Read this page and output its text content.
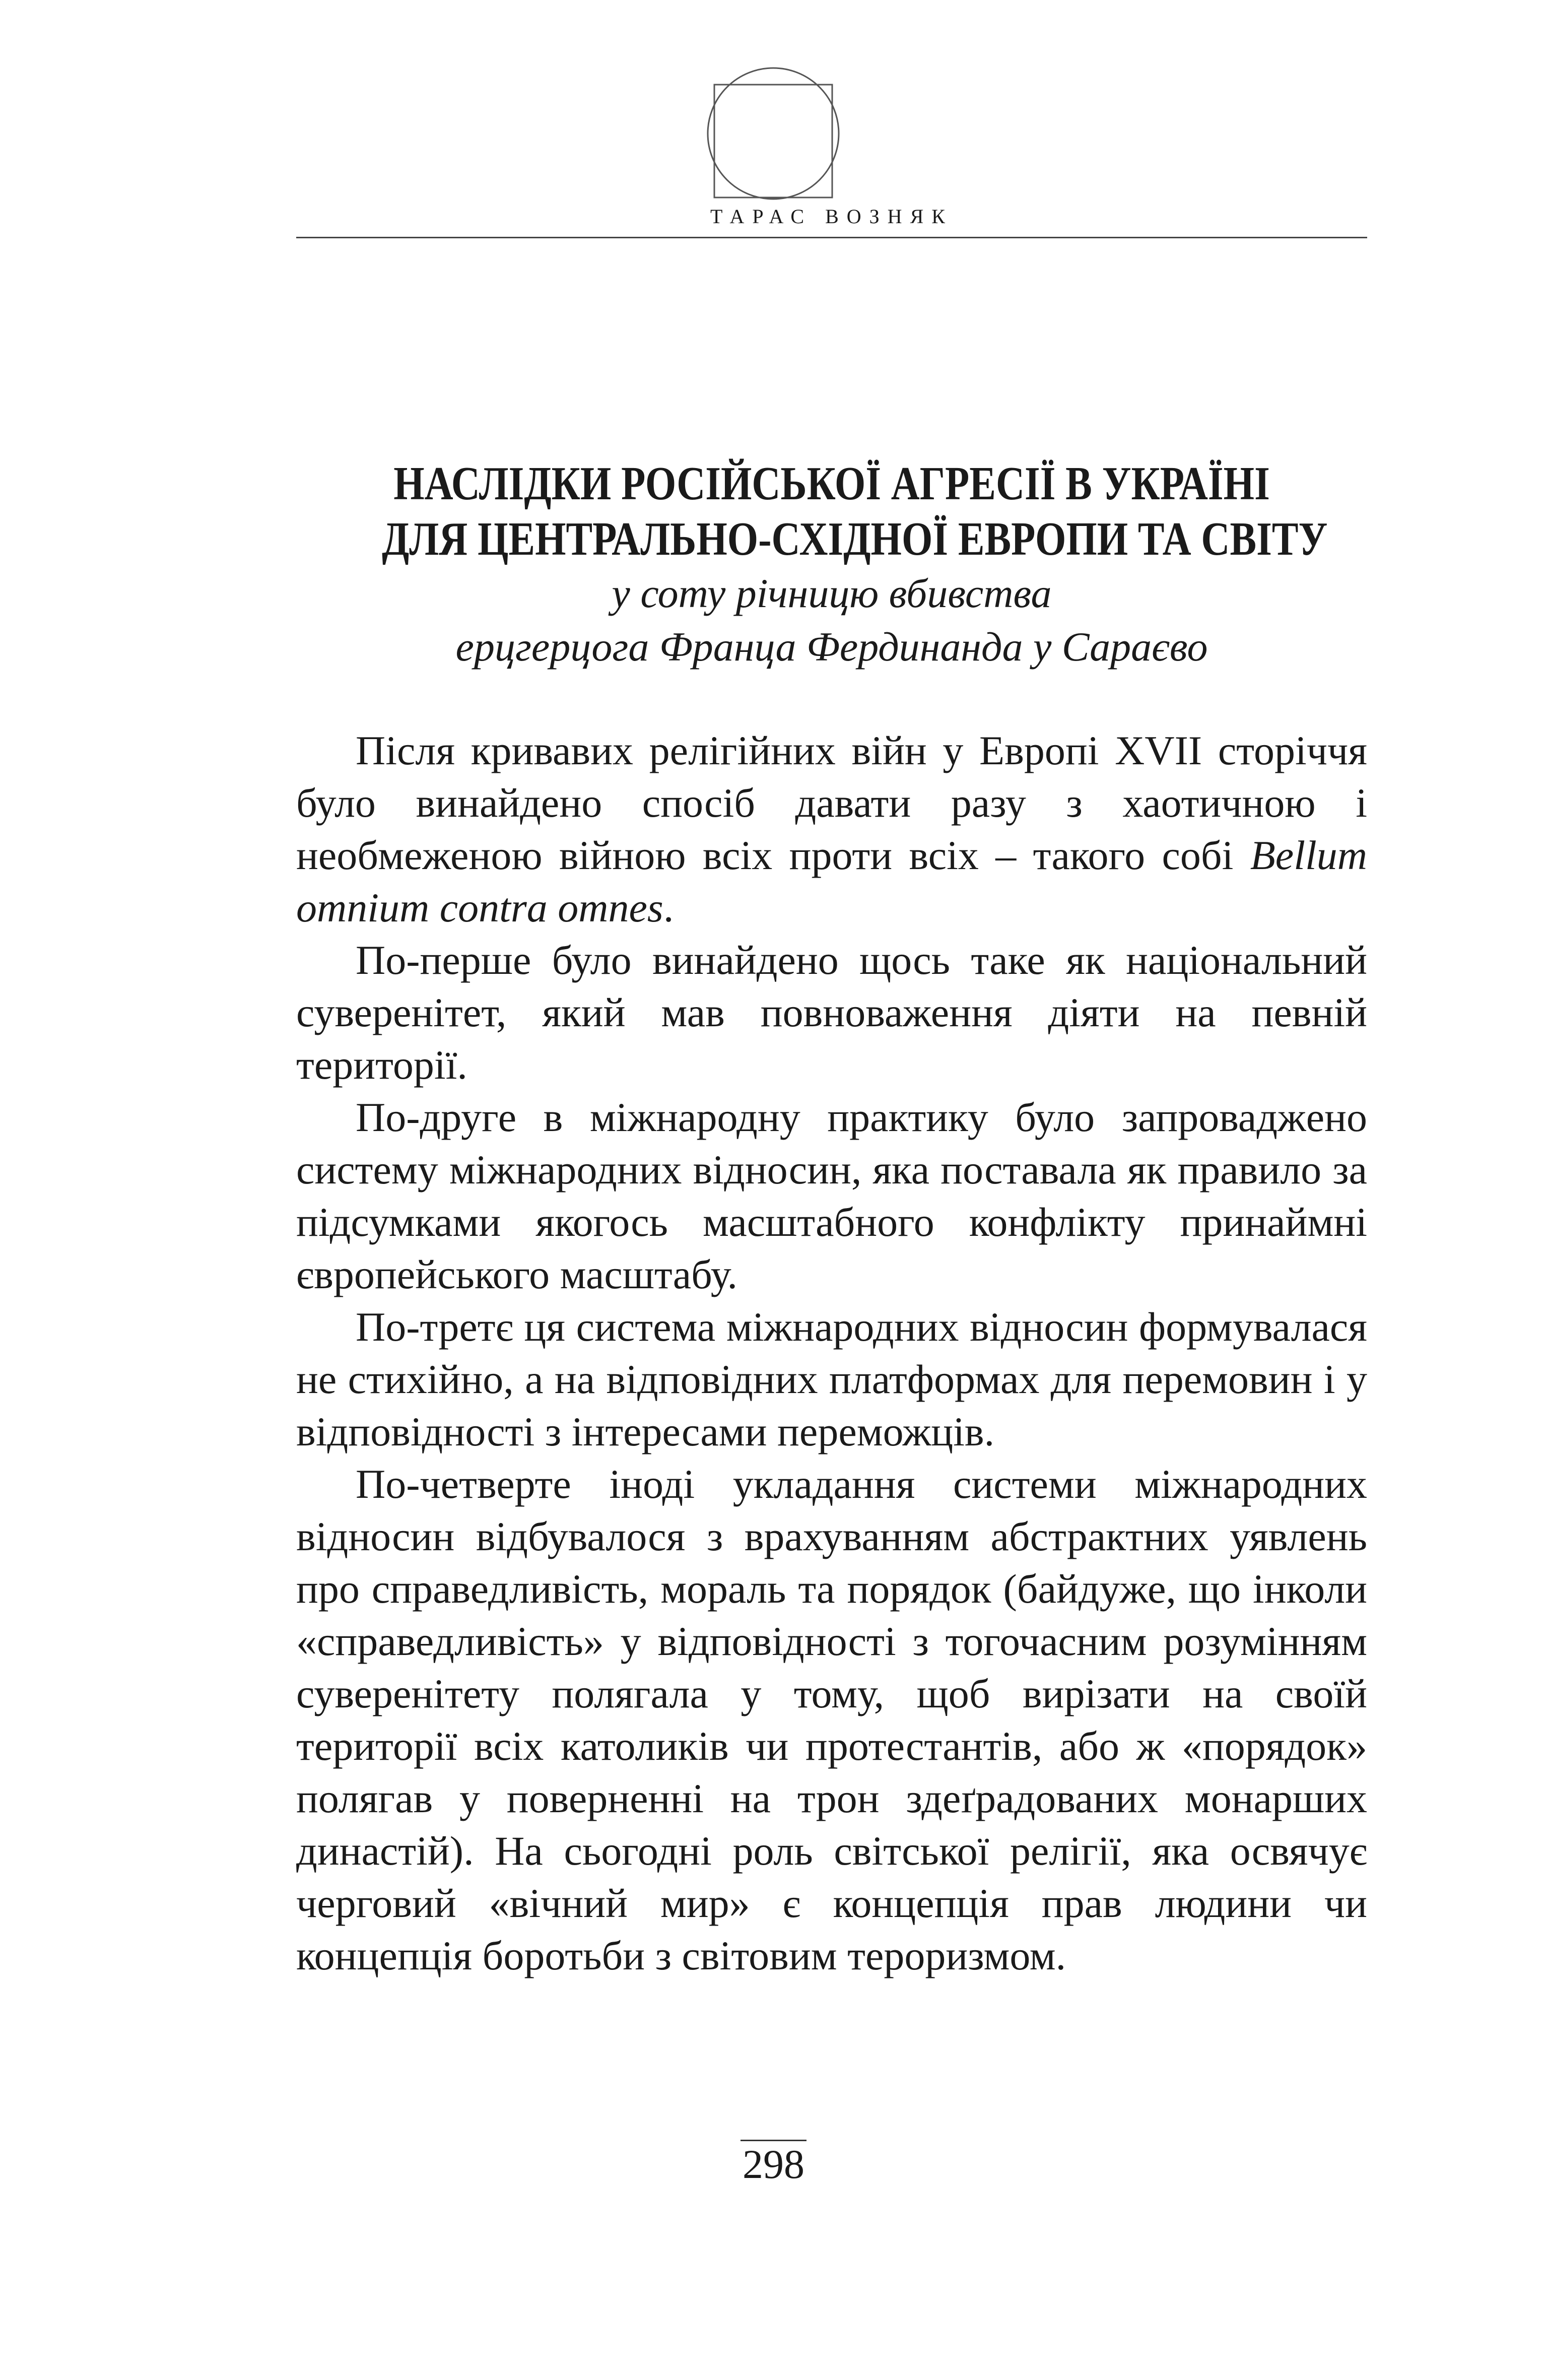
ТАРАС ВОЗНЯК
НАСЛІДКИ РОСІЙСЬКОЇ АГРЕСІЇ В УКРАЇНІ
ДЛЯ ЦЕНТРАЛЬНО-СХІДНОЇ ЕВРОПИ ТА СВІТУ
у соту річницю вбивства
ерцгерцога Франца Фердинанда у Сараєво

Після кривавих релігійних війн у Европі XVII сторіччя було винайдено спосіб давати разу з хаотичною і необмеженою війною всіх проти всіх – такого собі Bellum omnium contra omnes.

По-перше було винайдено щось таке як національний суверенітет, який мав повноваження діяти на певній території.

По-друге в міжнародну практику було запроваджeно систему міжнародних відносин, яка поставала як правило за підсумками якогось масштабного конфлікту принаймні європейського масштабу.

По-третє ця система міжнародних відносин формувалася не стихійно, а на відповідних платформах для перемовин і у відповідності з інтересами переможців.

По-четверте іноді укладання системи міжнародних відносин відбувалося з врахуванням абстрактних уявлень про справедливість, мораль та порядок (байдуже, що інколи «справедливість» у відповідності з тогочасним розумінням суверенітету полягала у тому, щоб вирізати на своїй території всіх католиків чи протестантів, або ж «порядок» полягав у поверненні на трон здеґрадованих монарших династій). На сьогодні роль світської релігії, яка освячує черговий «вічний мир» є концепція прав людини чи концепція боротьби з світовим тероризмом.

298
